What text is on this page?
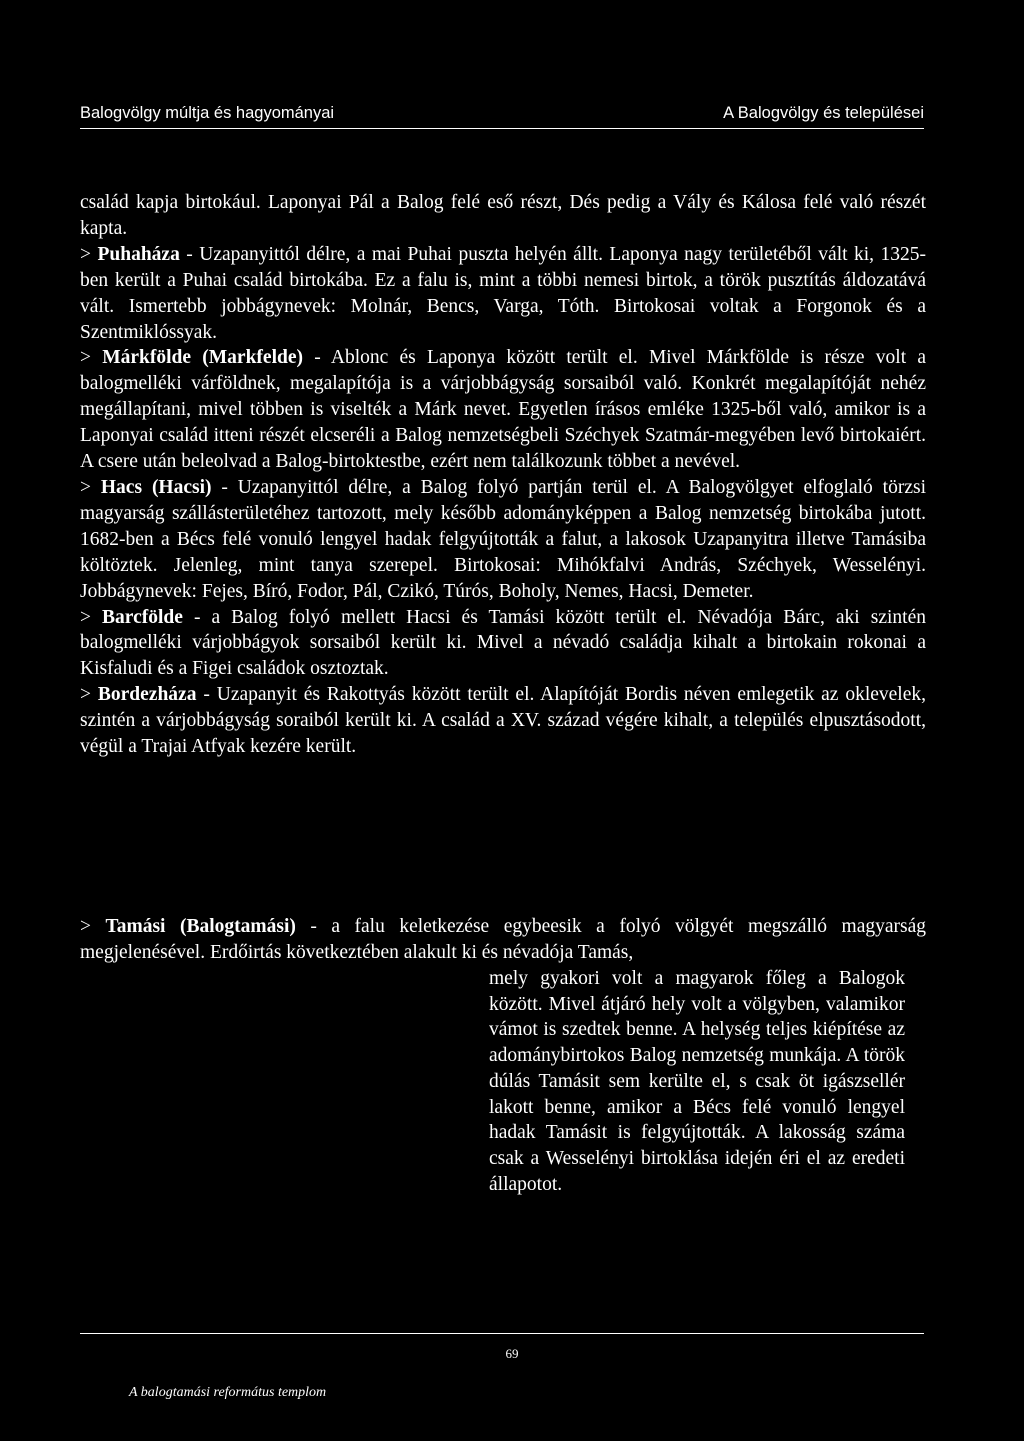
Balogvölgy múltja és hagyományai	A Balogvölgy és települései

család kapja birtokául. Laponyai Pál a Balog felé eső részt, Dés pedig a Vály és Kálosa felé való részét kapta.

> Puhaháza - Uzapanyittól délre, a mai Puhai puszta helyén állt. Laponya nagy területéből vált ki, 1325-ben került a Puhai család birtokába. Ez a falu is, mint a többi nemesi birtok, a török pusztítás áldozatává vált. Ismertebb jobbágynevek: Molnár, Bencs, Varga, Tóth. Birtokosai voltak a Forgonok és a Szentmiklóssyak.

> Márkfölde (Markfelde) - Ablonc és Laponya között terült el. Mivel Márkfölde is része volt a balogmelléki várföldnek, megalapítója is a várjobbágyság sorsaiból való. Konkrét megalapítóját nehéz megállapítani, mivel többen is viselték a Márk nevet. Egyetlen írásos emléke 1325-ből való, amikor is a Laponyai család itteni részét elcseréli a Balog nemzetségbeli Széchyek Szatmár-megyében levő birtokaiért. A csere után beleolvad a Balog-birtoktestbe, ezért nem találkozunk többet a nevével.

> Hacs (Hacsi) - Uzapanyittól délre, a Balog folyó partján terül el. A Balogvölgyet elfoglaló törzsi magyarság szállásterületéhez tartozott, mely később adományképpen a Balog nemzetség birtokába jutott. 1682-ben a Bécs felé vonuló lengyel hadak felgyújtották a falut, a lakosok Uzapanyitra illetve Tamásiba költöztek. Jelenleg, mint tanya szerepel. Birtokosai: Mihókfalvi András, Széchyek, Wesselényi. Jobbágynevek: Fejes, Bíró, Fodor, Pál, Czikó, Túrós, Boholy, Nemes, Hacsi, Demeter.

> Barcfölde - a Balog folyó mellett Hacsi és Tamási között terült el. Névadója Bárc, aki szintén balogmelléki várjobbágyok sorsaiból került ki. Mivel a névadó családja kihalt a birtokain rokonai a Kisfaludi és a Figei családok osztoztak.

> Bordezháza - Uzapanyit és Rakottyás között terült el. Alapítóját Bordis néven emlegetik az oklevelek, szintén a várjobbágyság soraiból került ki. A család a XV. század végére kihalt, a település elpusztásodott, végül a Trajai Atfyak kezére került.

> Tamási (Balogtamási) - a falu keletkezése egybeesik a folyó völgyét megszálló magyarság megjelenésével. Erdőirtás következtében alakult ki és névadója Tamás,
mely gyakori volt a magyarok főleg a Balogok között. Mivel átjáró hely volt a völgyben, valamikor vámot is szedtek benne. A helység teljes kiépítése az adománybirtokos Balog nemzetség munkája. A török dúlás Tamásit sem kerülte el, s csak öt igászsellér lakott benne, amikor a Bécs felé vonuló lengyel hadak Tamásit is felgyújtották. A lakosság száma csak a Wesselényi birtoklása idején éri el az eredeti állapotot.
A balogtamási református templom
69
